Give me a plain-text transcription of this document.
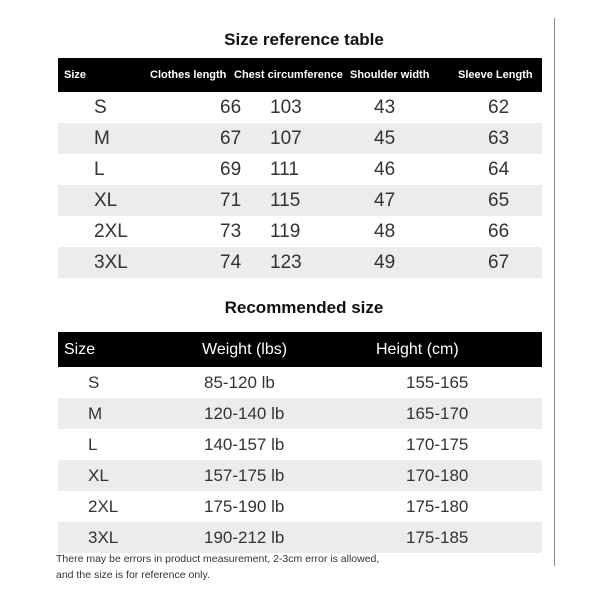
Size reference table
Size	Clothes length	Chest circumference	Shoulder width	Sleeve Length
S	66	103	43	62
M	67	107	45	63
L	69	111	46	64
XL	71	115	47	65
2XL	73	119	48	66
3XL	74	123	49	67
Recommended size
Size	Weight (lbs)	Height (cm)
S	85-120 lb	155-165
M	120-140 lb	165-170
L	140-157 lb	170-175
XL	157-175 lb	170-180
2XL	175-190 lb	175-180
3XL	190-212 lb	175-185
There may be errors in product measurement, 2-3cm error is allowed,
and the size is for reference only.
